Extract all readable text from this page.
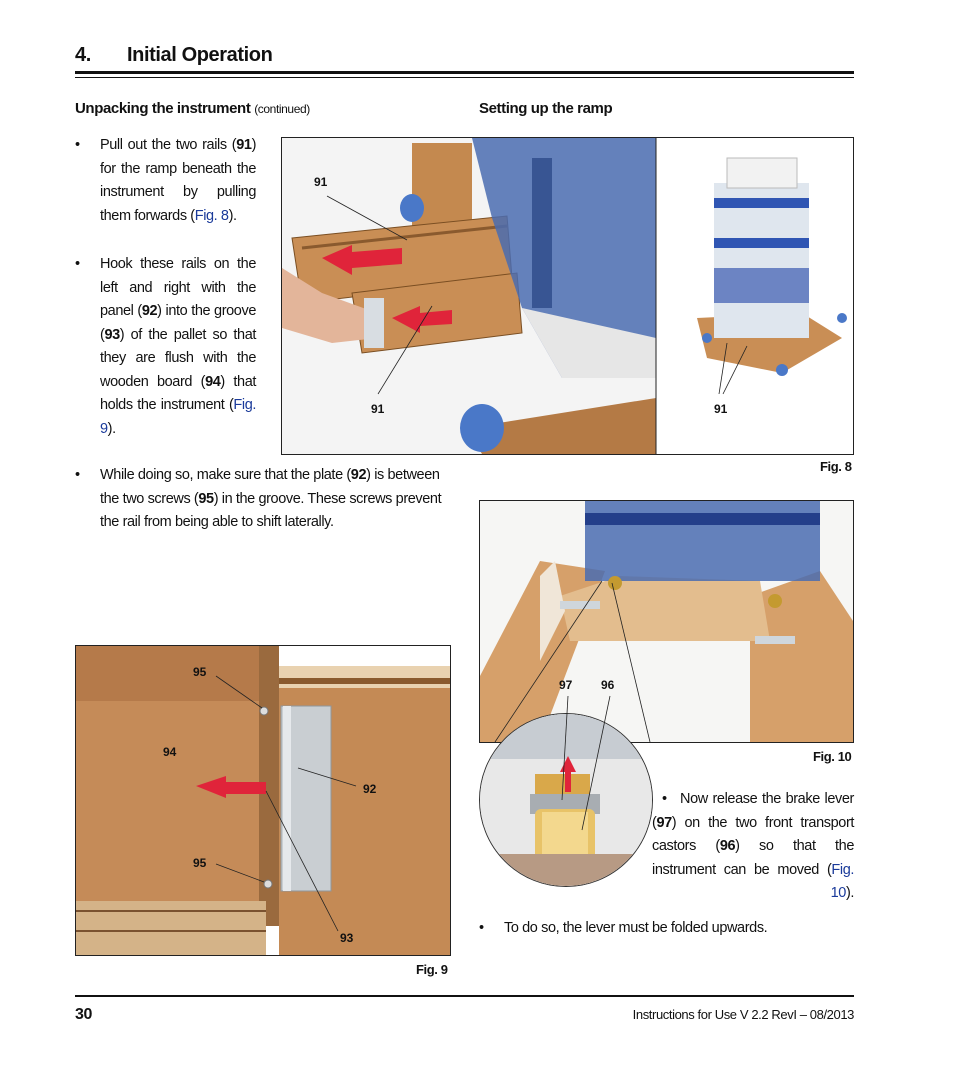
4. Initial Operation
Unpacking the instrument (continued)	Setting up the ramp
• Pull out the two rails (91) for the ramp beneath the instrument by pulling them forwards (Fig. 8).
• Hook these rails on the left and right with the panel (92) into the groove (93) of the pallet so that they are flush with the wooden board (94) that holds the instrument (Fig. 9).
91
91	91
Fig. 8
• While doing so, make sure that the plate (92) is between the two screws (95) in the groove. These screws prevent the rail from being able to shift laterally.
97 96
Fig. 10
• Now release the brake lever (97) on the two front transport castors (96) so that the instrument can be moved (Fig. 10).
• To do so, the lever must be folded upwards.
95
94
92
95
93
Fig. 9
30	Instructions for Use V 2.2 RevI – 08/2013
